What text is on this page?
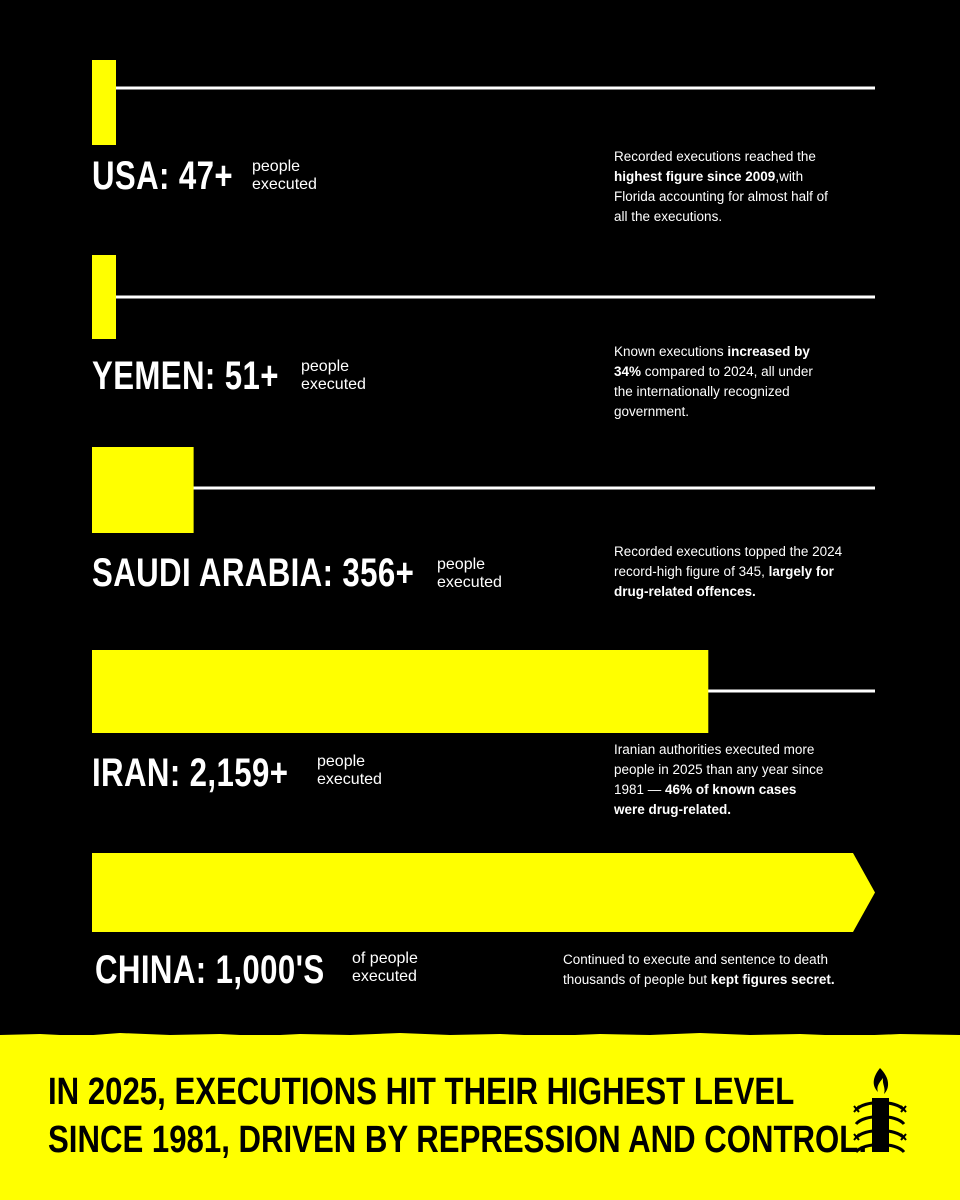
USA: 47+ people
executed
YEMEN: 51+ people
executed
SAUDI ARABIA: 356+ people
executed
IRAN: 2,159+ people
executed
CHINA: 1,000'S of people
executed
Recorded executions reached the highest figure since 2009,with Florida accounting for almost half of all the executions.
Known executions increased by 34% compared to 2024, all under the internationally recognized government.
Recorded executions topped the 2024 record-high figure of 345, largely for drug-related offences.
Iranian authorities executed more people in 2025 than any year since 1981 — 46% of known cases were drug-related.
Continued to execute and sentence to death thousands of people but kept figures secret.
IN 2025, EXECUTIONS HIT THEIR HIGHEST LEVEL
SINCE 1981, DRIVEN BY REPRESSION AND CONTROL.
